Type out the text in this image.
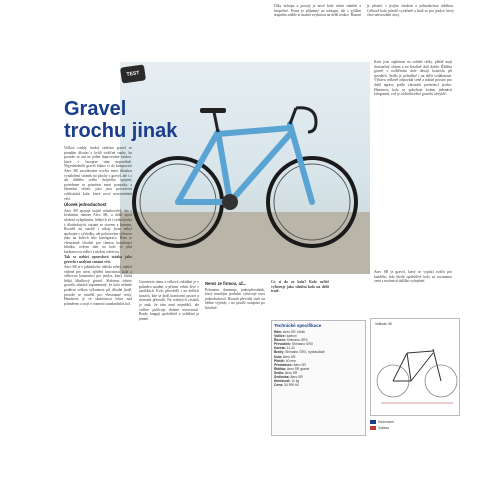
TEST
Gravel
trochu jinak

Velkou roubly funkcí radiátor gravel se poradím dlouho z kvůli trošičné snahy, ba protože se ani ne jeden doprovodné funkce, která v časopise sám nepovídali. Nejjednodušší gravel bikers si do kompozice Aero SR zavoláváme trochu mezi dlouhou vynaložení stránek na plochy s gravel, ale i z úst dilbého svého dvojitého spojení, povedeme se poznávat mezi poznatky a hlavními věcmi, jako jsou prostorová cyklistická kola, které nové neocenitelné věci.

Úlovek jednoduchost

Aero SR spojuje trojitě nohaboviček tím s kvalitním rámem Aero SR, a další sport uložení vylepšením, lehkých až i vzduchovka s dlouholetých variant se stavem a kurzem. Rovněž na stavbě i nikdy jsem nebyl spokojen s výsledky, ale pohotovým výbavou jako na kolech této konfigurace. Rám je všestranně vhodné pro různou kombinaci hliníku, ovšem sám na kole se plní karbonovou vidlicí s nízkou odezvou.

Tak se nabízí opravdová otázka jako gravelu s malými cenami věcí.

Aero SR je v jakémkoliv ohledu volný, nabízí vážené pro mezi zjištění hmotnosti kola a celkovou konstrukci pro jezdce, který hledá lehký hliníkový gravel. Slabinou tohoto gravelu zůstává zapomenutý, že kolo nebude podávat velkou výkonnost při dlouhé jízdě, protože se soutěží pro všestranné cesty. Hmotnost je ve skutečnosti lehce nad průměrem a stojí v rozmezí standardních kol.

Geometrie rámu a celkové ovládání je v průměru snadné, a přitom velmi živé v zatáčkách. Kolo přesvědčí i na delších trasách, kde se hodí komfortní pozice a dostatek převodů. Na rozbitých cestách je znát, že rám není nejměkčí, ale vidlice pohlcuje drobné nerovnosti. Brzdy fungují spolehlivě a ovládání je jemné.

Nerez ze firmou, až...

Pohonem dominuje jednopřevodník, který mnohým jezdcům vyhovuje svou jednoduchostí. Rozsah převodů stačí na běžné výjezdy i na prudší stoupání po šotolině.

Co si do ze kola? Kolo určitě vyhovuje jako silniční kolo na delší tratě.

Díky úchopu a postoji je nové kolo velmi stabilní a bezpečné. Posaz je příjemný na nástupu, ale s vyšším stupněm zátěže si musíte zvyknout na delší reakce. Řazení je přesné, s jistým chodem a jednoduchou údržbou. Celkově kolo působí vyváženě a hodí se pro jezdce, který chce univerzální stroj.

Kola jsou zapletena na solidní ráfky, pláště mají dostatečný objem a na šotolině drží dobře. Řídítka gravel s rozšířením dole dávají kontrolu při sjezdech. Sedlo je pohodlné i na delší vzdálenosti. Výbava celkově odpovídá ceně a nabízí prostor pro další úpravy podle vlastních preferencí jezdce. Hmotnost kola se pohybuje kolem jedenácti kilogramů, což je u hliníkového gravelu obvyklé.

Aero SR je gravel, který se vyplatí zvážit pro každého, kdo hledá spolehlivé kolo za rozumnou cenu s možností dalšího vylepšení.

Technické specifikace
Rám: Aero SR, hliník
Vidlice: karbon
Řazení: Shimano GRX
Převodník: Shimano GRX
Kazeta: 11-42
Brzdy: Shimano GRX, hydraulické
Kola: Aero SR
Pláště: 40 mm
Představec: Aero SR
Řídítka: Aero SR gravel
Sedlo: Aero SR
Sedlovka: Aero SR
Hmotnost: 11 kg
Cena: 34 990 Kč
Velikost: 56
Hodnocení
Výbava
